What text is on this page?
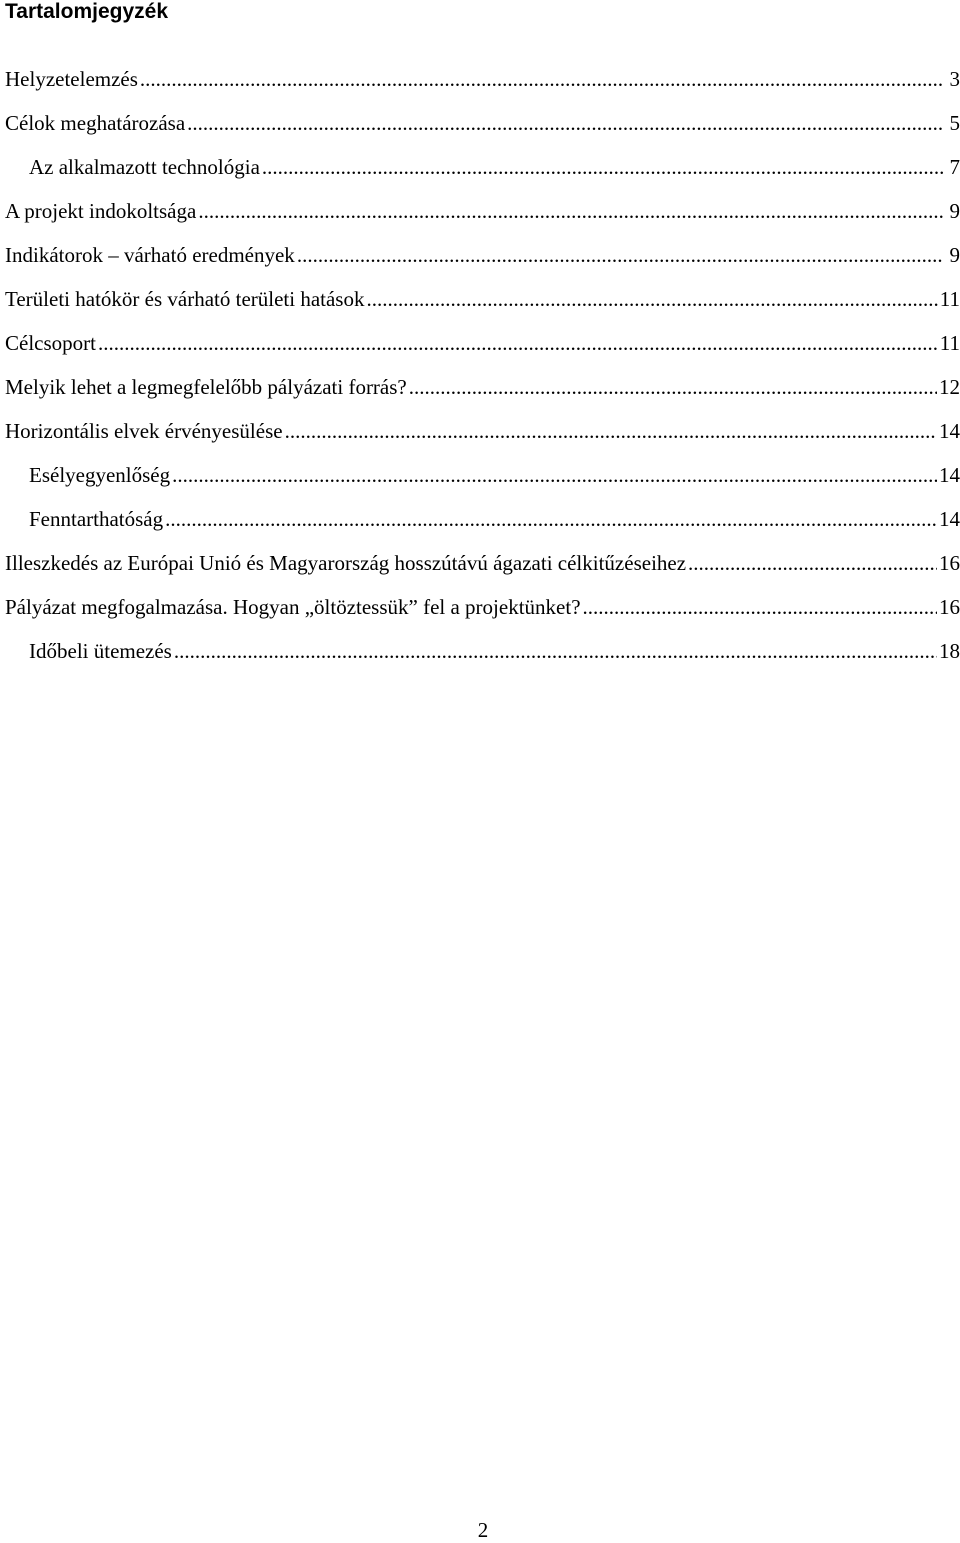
Tartalomjegyzék
Helyzetelemzés .....	3
Célok meghatározása .....	5
Az alkalmazott technológia .....	7
A projekt indokoltsága .....	9
Indikátorok – várható eredmények .....	9
Területi hatókör és várható területi hatások .....	11
Célcsoport .....	11
Melyik lehet a legmegfelelőbb pályázati forrás? .....	12
Horizontális elvek érvényesülése .....	14
Esélyegyenlőség .....	14
Fenntarthatóság .....	14
Illeszkedés az Európai Unió és Magyarország hosszútávú ágazati célkitűzéseihez .....	16
Pályázat megfogalmazása. Hogyan „öltöztessük” fel a projektünket? .....	16
Időbeli ütemezés .....	18
2
